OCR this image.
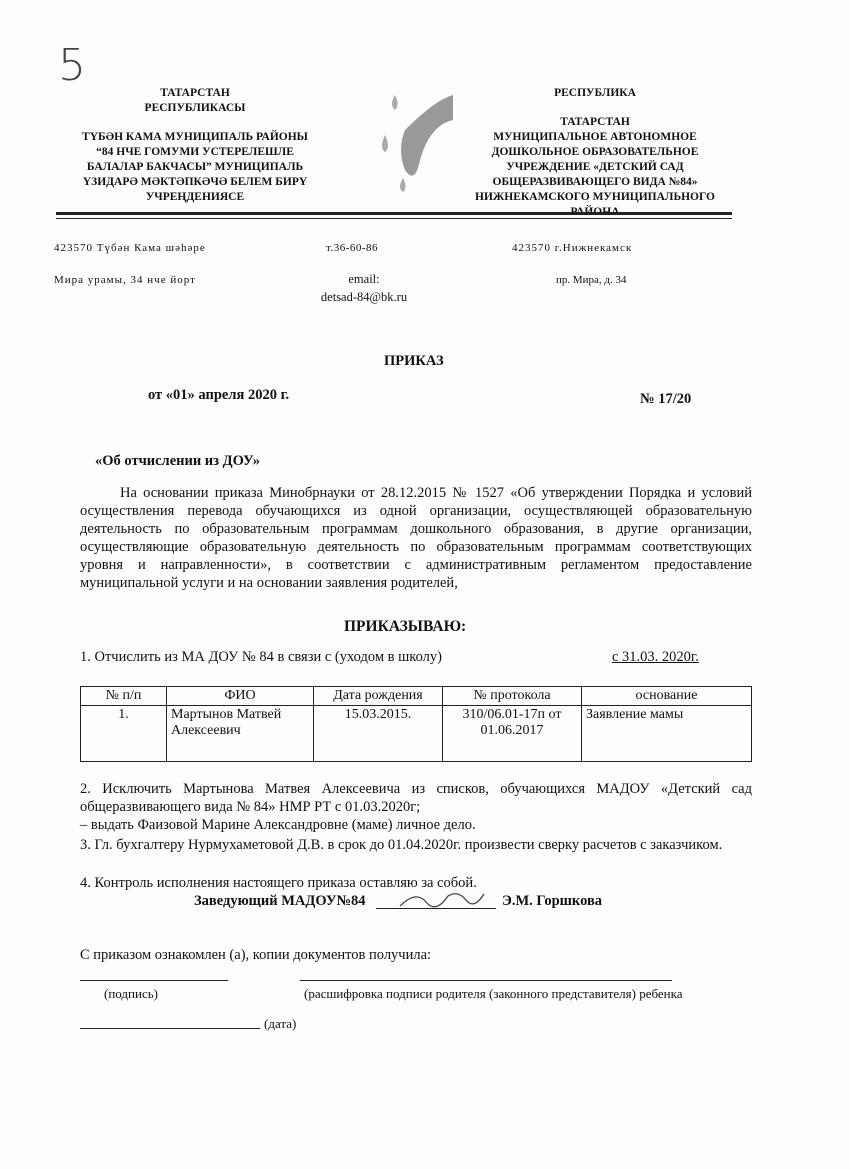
5
ТАТАРСТАН
РЕСПУБЛИКАСЫ
ТҮБӘН КАМА МУНИЦИПАЛЬ РАЙОНЫ
“84 НЧЕ ГОМУМИ УСТЕРЕЛЕШЛЕ
БАЛАЛАР БАКЧАСЫ” МУНИЦИПАЛЬ
ҮЗИДАРӘ МӘКТӘПКӘЧӘ БЕЛЕМ БИРҮ
УЧРЕҢДЕНИЯСЕ
РЕСПУБЛИКА
ТАТАРСТАН
МУНИЦИПАЛЬНОЕ АВТОНОМНОЕ
ДОШКОЛЬНОЕ ОБРАЗОВАТЕЛЬНОЕ
УЧРЕЖДЕНИЕ «ДЕТСКИЙ САД
ОБЩЕРАЗВИВАЮЩЕГО ВИДА №84»
НИЖНЕКАМСКОГО МУНИЦИПАЛЬНОГО
423570 Түбән Кама шәһәре
Мира урамы, 34 нче йорт
т.36-60-86
email:
detsad-84@bk.ru
423570 г.Нижнекамск
пр. Мира, д. 34
ПРИКАЗ
от «01» апреля 2020 г.	№ 17/20
«Об отчислении из ДОУ»
На основании приказа Минобрнауки от 28.12.2015 № 1527 «Об утверждении Порядка и условий осуществления перевода обучающихся из одной организации, осуществляющей образовательную деятельность по образовательным программам дошкольного образования, в другие организации, осуществляющие образовательную деятельность по образовательным программам соответствующих уровня и направленности», в соответствии с административным регламентом предоставление муниципальной услуги и на основании заявления родителей,
ПРИКАЗЫВАЮ:
1. Отчислить из МА ДОУ № 84 в связи с (уходом в школу)	с 31.03. 2020г.
№ п/п	ФИО	Дата рождения	№ протокола	основание
1.	Мартынов Матвей Алексеевич	15.03.2015.	310/06.01-17п от 01.06.2017	Заявление мамы
2. Исключить Мартынова Матвея Алексеевича из списков, обучающихся МАДОУ «Детский сад общеразвивающего вида № 84» НМР РТ с 01.03.2020г;
– выдать Фаизовой Марине Александровне (маме) личное дело.
3. Гл. бухгалтеру Нурмухаметовой Д.В. в срок до 01.04.2020г. произвести сверку расчетов с заказчиком.
4. Контроль исполнения настоящего приказа оставляю за собой.
Заведующий МАДОУ№84	Э.М. Горшкова
С приказом ознакомлен (а), копии документов получила:
(подпись)	(расшифровка подписи родителя (законного представителя) ребенка
(дата)
